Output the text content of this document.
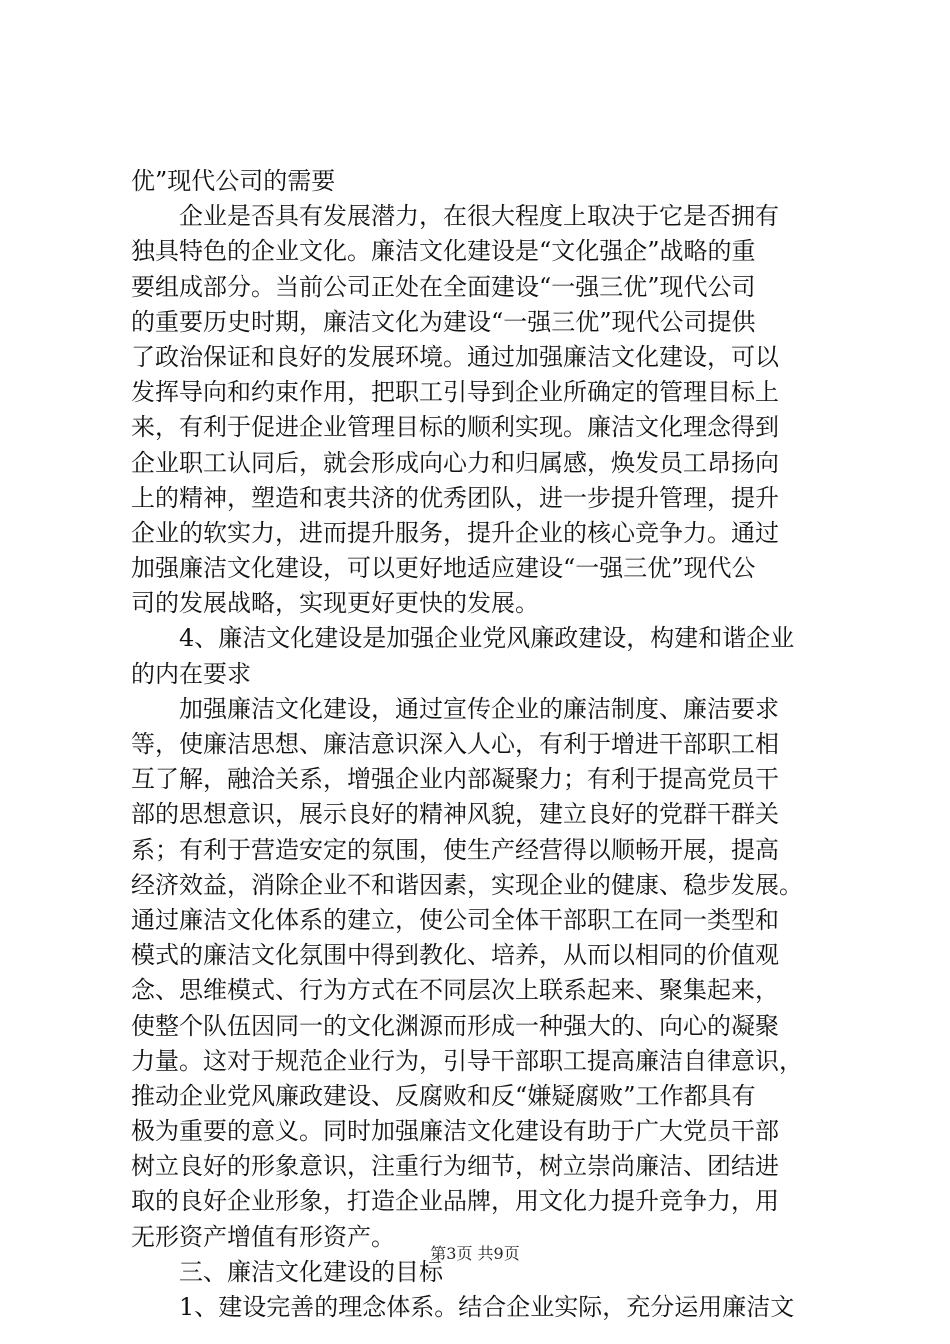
优”现代公司的需要
　　企业是否具有发展潜力，在很大程度上取决于它是否拥有
独具特色的企业文化。廉洁文化建设是“文化强企”战略的重
要组成部分。当前公司正处在全面建设“一强三优”现代公司
的重要历史时期，廉洁文化为建设“一强三优”现代公司提供
了政治保证和良好的发展环境。通过加强廉洁文化建设，可以
发挥导向和约束作用，把职工引导到企业所确定的管理目标上
来，有利于促进企业管理目标的顺利实现。廉洁文化理念得到
企业职工认同后，就会形成向心力和归属感，焕发员工昂扬向
上的精神，塑造和衷共济的优秀团队，进一步提升管理，提升
企业的软实力，进而提升服务，提升企业的核心竞争力。通过
加强廉洁文化建设，可以更好地适应建设“一强三优”现代公
司的发展战略，实现更好更快的发展。
　　4、廉洁文化建设是加强企业党风廉政建设，构建和谐企业
的内在要求
　　加强廉洁文化建设，通过宣传企业的廉洁制度、廉洁要求
等，使廉洁思想、廉洁意识深入人心，有利于增进干部职工相
互了解，融洽关系，增强企业内部凝聚力；有利于提高党员干
部的思想意识，展示良好的精神风貌，建立良好的党群干群关
系；有利于营造安定的氛围，使生产经营得以顺畅开展，提高
经济效益，消除企业不和谐因素，实现企业的健康、稳步发展。
通过廉洁文化体系的建立，使公司全体干部职工在同一类型和
模式的廉洁文化氛围中得到教化、培养，从而以相同的价值观
念、思维模式、行为方式在不同层次上联系起来、聚集起来，
使整个队伍因同一的文化渊源而形成一种强大的、向心的凝聚
力量。这对于规范企业行为，引导干部职工提高廉洁自律意识，
推动企业党风廉政建设、反腐败和反“嫌疑腐败”工作都具有
极为重要的意义。同时加强廉洁文化建设有助于广大党员干部
树立良好的形象意识，注重行为细节，树立崇尚廉洁、团结进
取的良好企业形象，打造企业品牌，用文化力提升竞争力，用
无形资产增值有形资产。
　　三、廉洁文化建设的目标
　　1、建设完善的理念体系。结合企业实际，充分运用廉洁文
第3页 共9页
